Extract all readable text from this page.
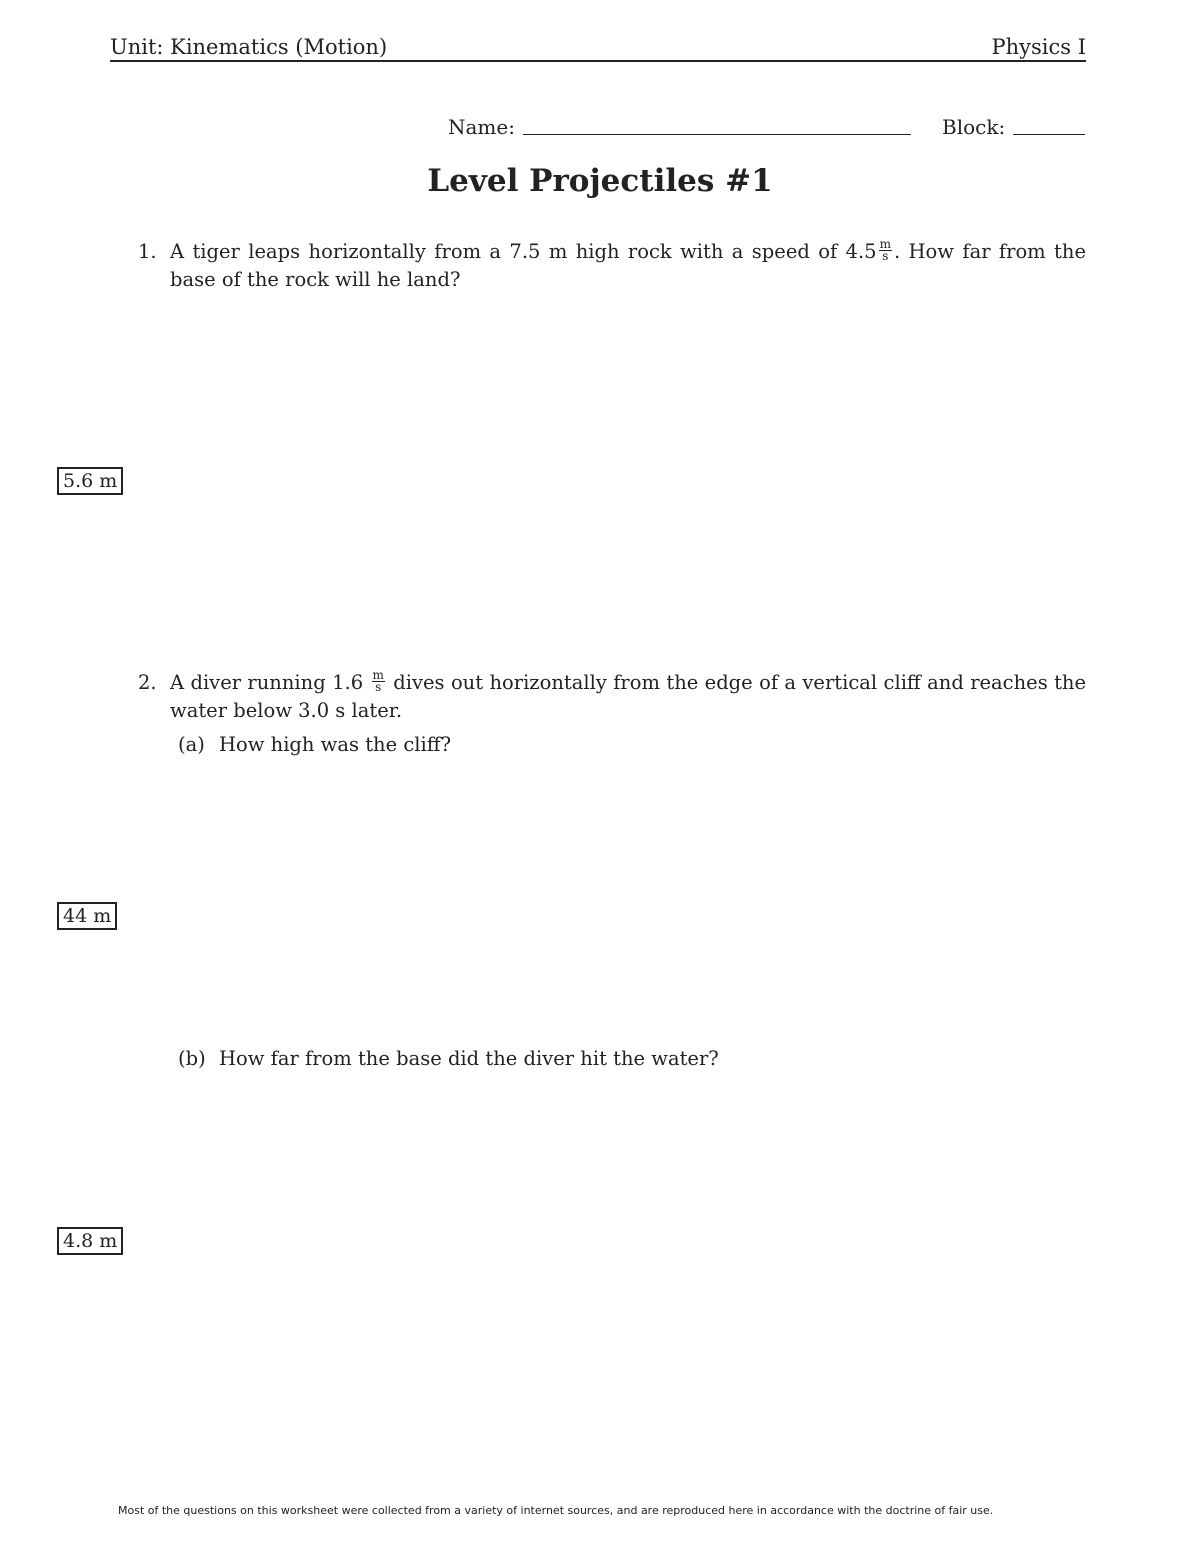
Unit: Kinematics (Motion)	Physics I
Name:	Block:
Level Projectiles #1
1. A tiger leaps horizontally from a 7.5 m high rock with a speed of $4.5 \frac{m}{s}$ . How far from the base of the rock will he land?
5.6 m
2. A diver running $1.6 \frac{m}{s}$ dives out horizontally from the edge of a vertical cliff and reaches the water below 3.0 s later.
(a) How high was the cliff?
44 m
(b) How far from the base did the diver hit the water?
4.8 m
Most of the questions on this worksheet were collected from a variety of internet sources, and are reproduced here in accordance with the doctrine of fair use.
